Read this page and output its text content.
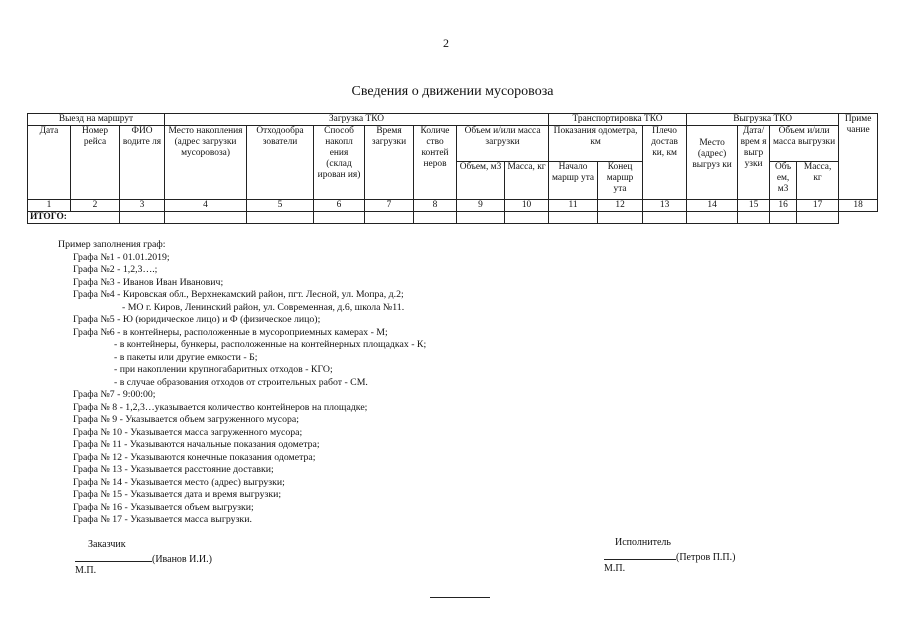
2
Сведения о движении мусоровоза
Выезд на маршрут			Загрузка ТКО							Транспортировка ТКО			Выгрузка ТКО				Приме чание
Дата	Номер рейса	ФИО водите ля	Место накопления (адрес загрузки мусоровоза)	Отходообра зователи	Способ накопл ения (склад ирован ия)	Время загрузки	Количе ство контей неров	Объем и/или масса загрузки		Показания одометра, км		Плечо достав ки, км	Место (адрес) выгруз ки	Дата/ врем я выгр узки	Объем и/или масса выгрузки		
								Объем, м3	Масса, кг	Начало маршр ута	Конец маршр ута				Объ ем, м3	Масса, кг	
1	2	3	4	5	6	7	8	9	10	11	12	13	14	15	16	17	18
ИТОГО:																	
Пример заполнения граф:
Графа №1 - 01.01.2019;
Графа №2 - 1,2,3….;
Графа №3 - Иванов Иван Иванович;
Графа №4 - Кировская обл., Верхнекамский район, пгт. Лесной, ул. Мопра, д.2;
- МО г. Киров, Ленинский район, ул. Современная, д.6, школа №11.
Графа №5 - Ю (юридическое лицо) и Ф (физическое лицо);
Графа №6 - в контейнеры, расположенные в мусороприемных камерах - М;
- в контейнеры, бункеры, расположенные на контейнерных площадках - К;
- в пакеты или другие емкости - Б;
- при накоплении крупногабаритных отходов - КГО;
- в случае образования отходов от строительных работ - СМ.
Графа №7 - 9:00:00;
Графа № 8 - 1,2,3…указывается количество контейнеров на площадке;
Графа № 9 - Указывается объем загруженного мусора;
Графа № 10 - Указывается масса загруженного мусора;
Графа № 11 - Указываются начальные показания одометра;
Графа № 12 - Указываются конечные показания одометра;
Графа № 13 - Указывается расстояние доставки;
Графа № 14 - Указывается место (адрес) выгрузки;
Графа № 15 - Указывается дата и время выгрузки;
Графа № 16 - Указывается объем выгрузки;
Графа № 17 - Указывается масса выгрузки.
Заказчик
(Иванов И.И.)
М.П.
Исполнитель
(Петров П.П.)
М.П.
